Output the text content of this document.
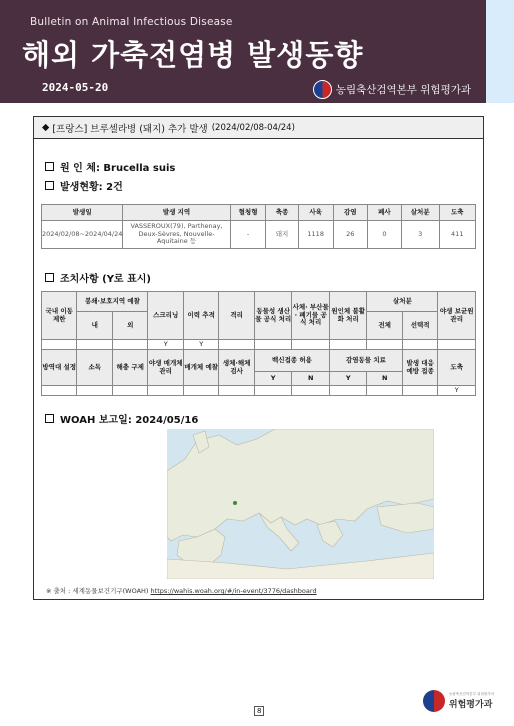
Bulletin on Animal Infectious Disease
해외 가축전염병 발생동향
2024-05-20	농림축산검역본부 위험평가과
◆ [프랑스] 브루셀라병 (돼지) 추가 발생 (2024/02/08-04/24)
원 인 체: Brucella suis
발생현황: 2건
발생일	발생 지역	혈청형	축종	사육	감염	폐사	살처분	도축
2024/02/08~2024/04/24	VASSEROUX(79), Parthenay, Deux-Sèvres, Nouvelle-Aquitaine 등	-	돼지	1118	26	0	3	411
조치사항 (Y로 표시)
국내 이동 제한	봉쇄·보호지역 예찰		스크리닝	이력 추적	격리	동물성 생산물 공식 처리	사체· 부산물· 폐기물 공식 처리	원인체 불활화 처리	살처분		야생 보균원 관리
	내	외							전체	선택적	
			Y	Y							
방역대 설정	소독	해충 구제	야생 매개체 관리	매개체 예찰	생체·해체 검사	백신접종 허용		감염동물 치료		발생 대응 예방 접종	도축
						Y	N	Y	N		
											Y
WOAH 보고일: 2024/05/16
※ 출처 : 세계동물보건기구(WOAH) https://wahis.woah.org/#/in-event/3776/dashboard
8
농림축산검역본부 위험평가과
위험평가과
